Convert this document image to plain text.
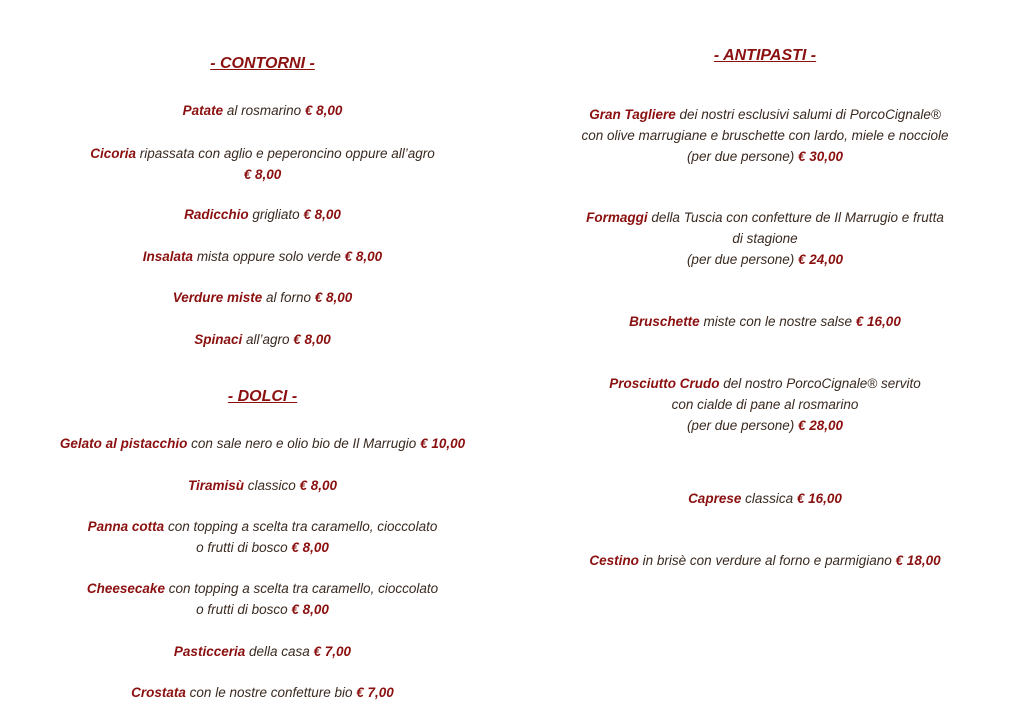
- CONTORNI -
Patate al rosmarino € 8,00
Cicoria ripassata con aglio e peperoncino oppure all’agro
€ 8,00
Radicchio grigliato € 8,00
Insalata mista oppure solo verde € 8,00
Verdure miste al forno € 8,00
Spinaci all’agro € 8,00
- DOLCI -
Gelato al pistacchio con sale nero e olio bio de Il Marrugio € 10,00
Tiramisù classico € 8,00
Panna cotta con topping a scelta tra caramello, cioccolato
o frutti di bosco € 8,00
Cheesecake con topping a scelta tra caramello, cioccolato
o frutti di bosco € 8,00
Pasticceria della casa € 7,00
Crostata con le nostre confetture bio € 7,00
- ANTIPASTI -
Gran Tagliere dei nostri esclusivi salumi di PorcoCignale®
con olive marrugiane e bruschette con lardo, miele e nocciole
(per due persone) € 30,00
Formaggi della Tuscia con confetture de Il Marrugio e frutta
di stagione
(per due persone) € 24,00
Bruschette miste con le nostre salse € 16,00
Prosciutto Crudo del nostro PorcoCignale® servito
con cialde di pane al rosmarino
(per due persone) € 28,00
Caprese classica € 16,00
Cestino in brisè con verdure al forno e parmigiano € 18,00
